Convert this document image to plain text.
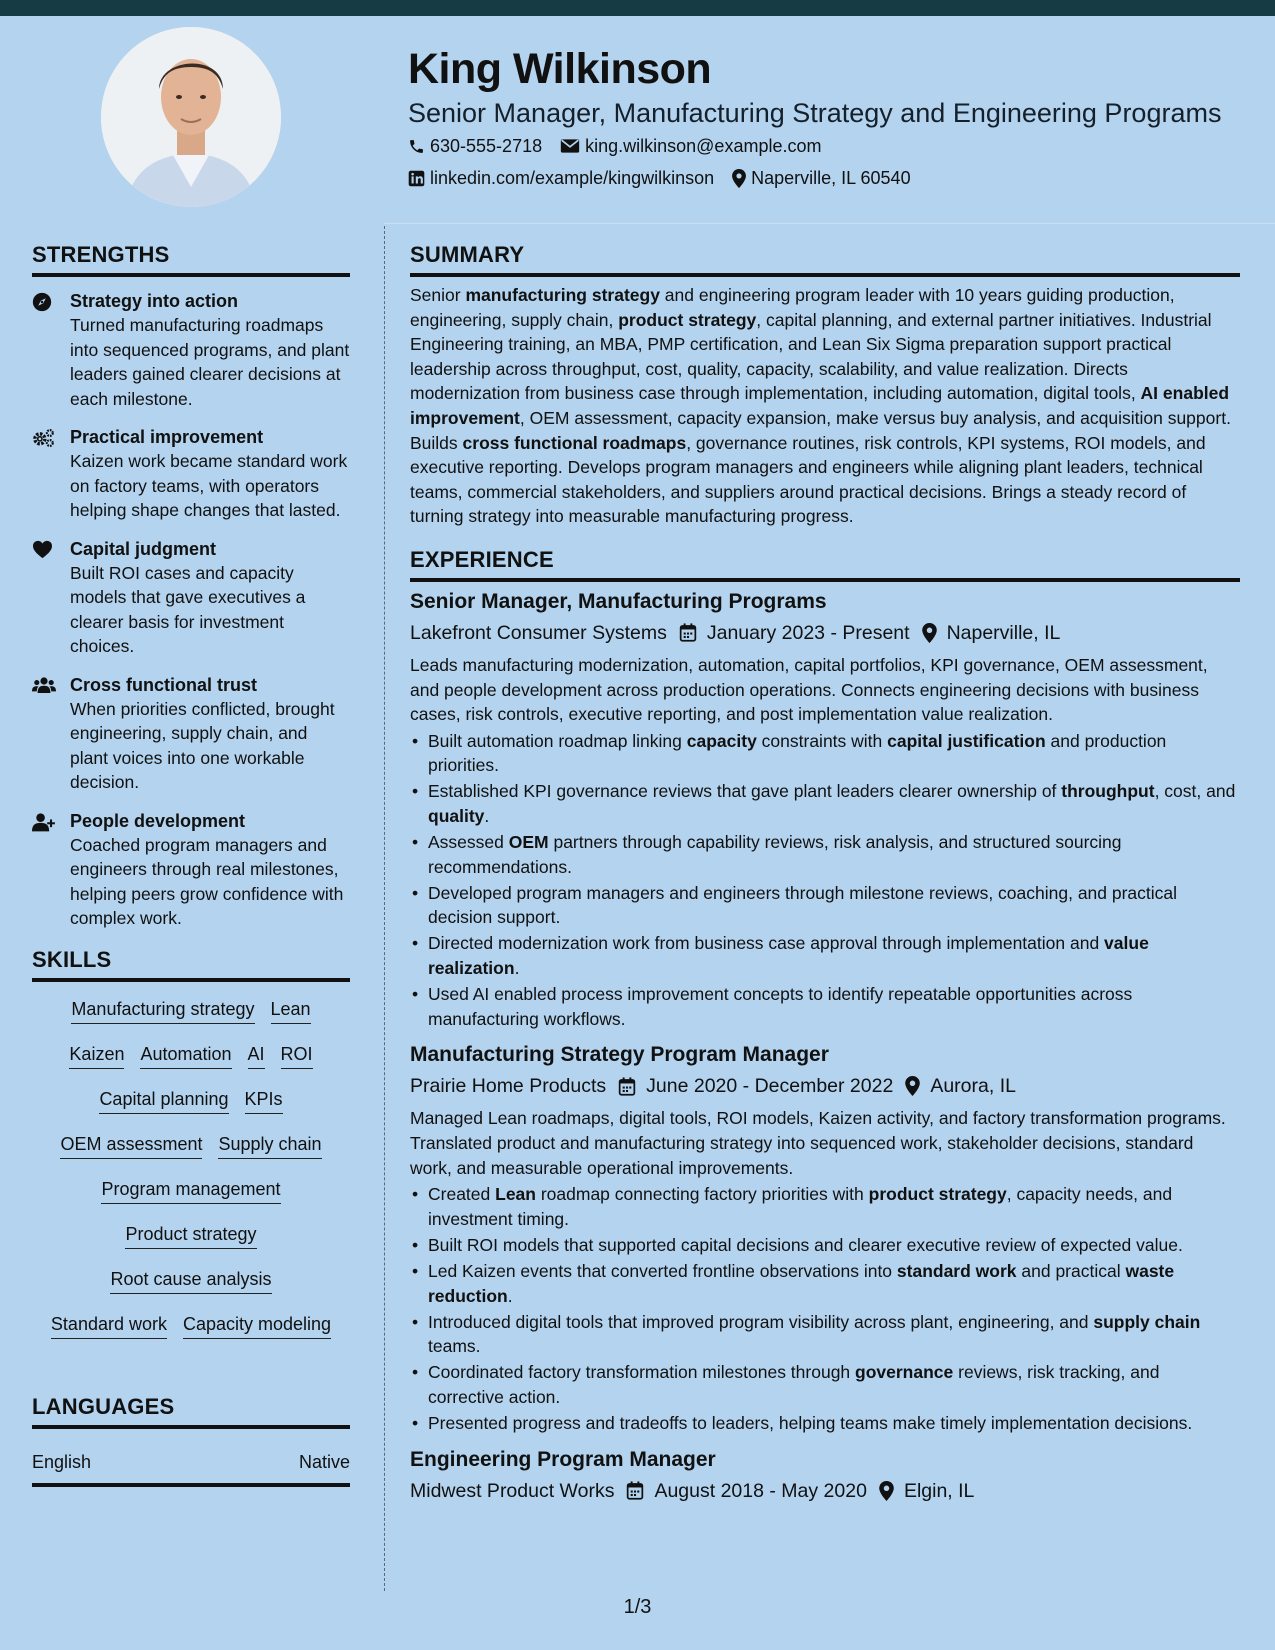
King Wilkinson
Senior Manager, Manufacturing Strategy and Engineering Programs
630-555-2718 king.wilkinson@example.com
linkedin.com/example/kingwilkinson Naperville, IL 60540
STRENGTHS
Strategy into action
Turned manufacturing roadmaps into sequenced programs, and plant leaders gained clearer decisions at each milestone.
Practical improvement
Kaizen work became standard work on factory teams, with operators helping shape changes that lasted.
Capital judgment
Built ROI cases and capacity models that gave executives a clearer basis for investment choices.
Cross functional trust
When priorities conflicted, brought engineering, supply chain, and plant voices into one workable decision.
People development
Coached program managers and engineers through real milestones, helping peers grow confidence with complex work.
SKILLS
Manufacturing strategy Lean
Kaizen Automation AI ROI
Capital planning KPIs
OEM assessment Supply chain
Program management
Product strategy
Root cause analysis
Standard work Capacity modeling
LANGUAGES
English	Native
SUMMARY
Senior manufacturing strategy and engineering program leader with 10 years guiding production, engineering, supply chain, product strategy, capital planning, and external partner initiatives. Industrial Engineering training, an MBA, PMP certification, and Lean Six Sigma preparation support practical leadership across throughput, cost, quality, capacity, scalability, and value realization. Directs modernization from business case through implementation, including automation, digital tools, AI enabled improvement, OEM assessment, capacity expansion, make versus buy analysis, and acquisition support. Builds cross functional roadmaps, governance routines, risk controls, KPI systems, ROI models, and executive reporting. Develops program managers and engineers while aligning plant leaders, technical teams, commercial stakeholders, and suppliers around practical decisions. Brings a steady record of turning strategy into measurable manufacturing progress.
EXPERIENCE
Senior Manager, Manufacturing Programs
Lakefront Consumer Systems January 2023 - Present Naperville, IL
Leads manufacturing modernization, automation, capital portfolios, KPI governance, OEM assessment, and people development across production operations. Connects engineering decisions with business cases, risk controls, executive reporting, and post implementation value realization.
• Built automation roadmap linking capacity constraints with capital justification and production priorities.
• Established KPI governance reviews that gave plant leaders clearer ownership of throughput, cost, and quality.
• Assessed OEM partners through capability reviews, risk analysis, and structured sourcing recommendations.
• Developed program managers and engineers through milestone reviews, coaching, and practical decision support.
• Directed modernization work from business case approval through implementation and value realization.
• Used AI enabled process improvement concepts to identify repeatable opportunities across manufacturing workflows.
Manufacturing Strategy Program Manager
Prairie Home Products June 2020 - December 2022 Aurora, IL
Managed Lean roadmaps, digital tools, ROI models, Kaizen activity, and factory transformation programs. Translated product and manufacturing strategy into sequenced work, stakeholder decisions, standard work, and measurable operational improvements.
• Created Lean roadmap connecting factory priorities with product strategy, capacity needs, and investment timing.
• Built ROI models that supported capital decisions and clearer executive review of expected value.
• Led Kaizen events that converted frontline observations into standard work and practical waste reduction.
• Introduced digital tools that improved program visibility across plant, engineering, and supply chain teams.
• Coordinated factory transformation milestones through governance reviews, risk tracking, and corrective action.
• Presented progress and tradeoffs to leaders, helping teams make timely implementation decisions.
Engineering Program Manager
Midwest Product Works August 2018 - May 2020 Elgin, IL
1/3
